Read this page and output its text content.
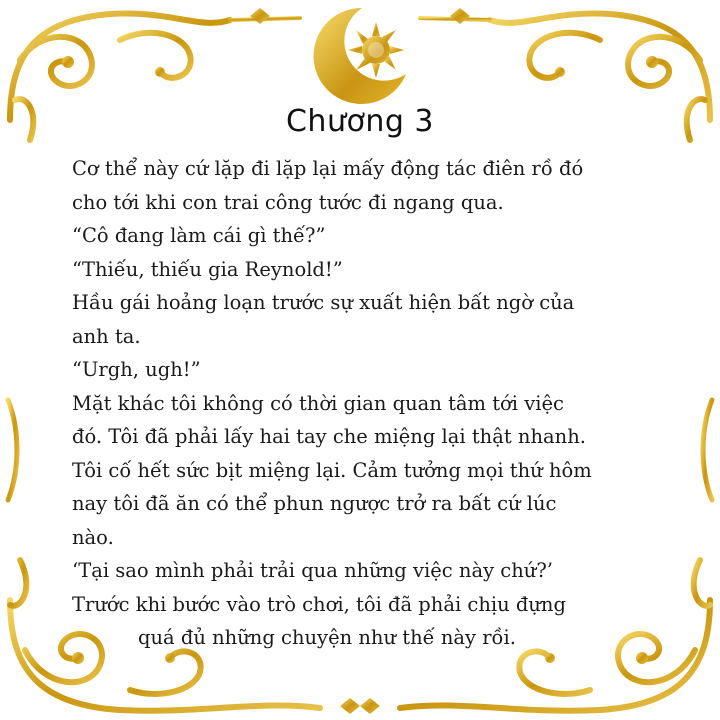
Chương 3
Cơ thể này cứ lặp đi lặp lại mấy động tác điên rồ đó
cho tới khi con trai công tước đi ngang qua.
“Cô đang làm cái gì thế?”
“Thiếu, thiếu gia Reynold!”
Hầu gái hoảng loạn trước sự xuất hiện bất ngờ của
anh ta.
“Urgh, ugh!”
Mặt khác tôi không có thời gian quan tâm tới việc
đó. Tôi đã phải lấy hai tay che miệng lại thật nhanh.
Tôi cố hết sức bịt miệng lại. Cảm tưởng mọi thứ hôm
nay tôi đã ăn có thể phun ngược trở ra bất cứ lúc
nào.
‘Tại sao mình phải trải qua những việc này chứ?’
Trước khi bước vào trò chơi, tôi đã phải chịu đựng
quá đủ những chuyện như thế này rồi.
